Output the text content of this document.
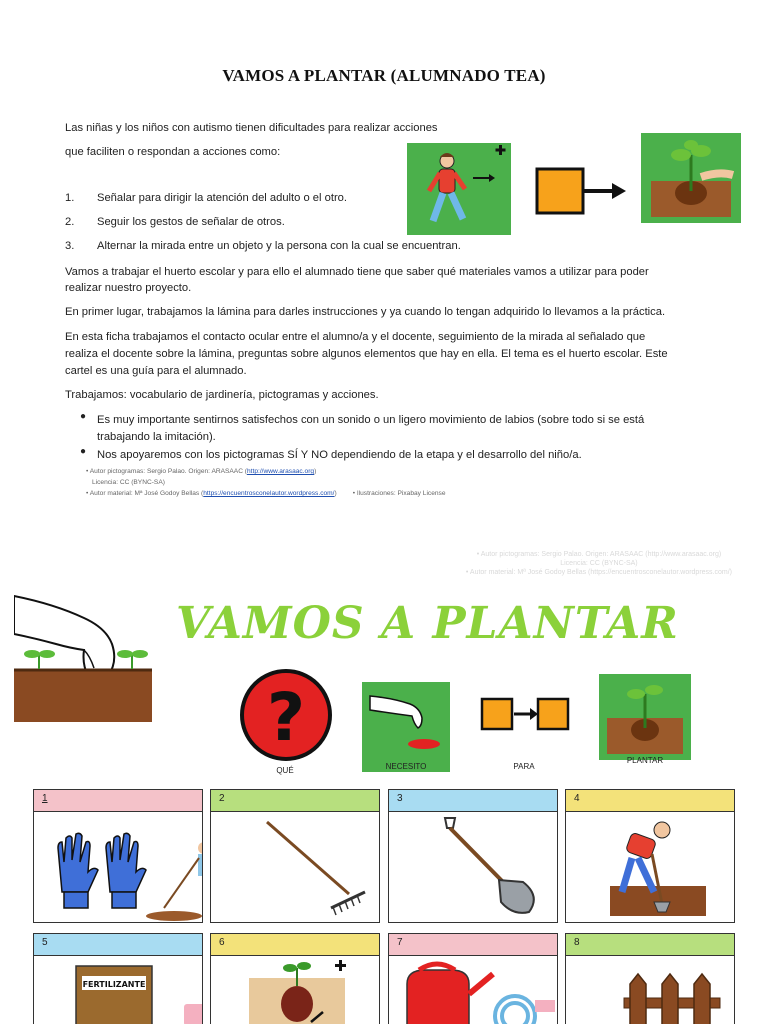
VAMOS A PLANTAR (ALUMNADO TEA)
Las niñas y los niños con autismo tienen dificultades para realizar acciones
que faciliten o respondan a acciones como:
1. Señalar para dirigir la atención del adulto o el otro.
2. Seguir los gestos de señalar de otros.
3. Alternar la mirada entre un objeto y la persona con la cual se encuentran.
Vamos a trabajar el huerto escolar y para ello el alumnado tiene que saber qué materiales vamos a utilizar para poder
realizar nuestro proyecto.
En primer lugar, trabajamos la lámina para darles instrucciones y ya cuando lo tengan adquirido lo llevamos a la práctica.
En esta ficha trabajamos el contacto ocular entre el alumno/a y el docente, seguimiento de la mirada al señalado que
realiza el docente sobre la lámina, preguntas sobre algunos elementos que hay en ella. El tema es el huerto escolar. Este
cartel es una guía para el alumnado.
Trabajamos: vocabulario de jardinería, pictogramas y acciones.
● Es muy importante sentirnos satisfechos con un sonido o un ligero movimiento de labios (sobre todo si se está
trabajando la imitación).
● Nos apoyaremos con los pictogramas SÍ Y NO dependiendo de la etapa y el desarrollo del niño/a.
• Autor pictogramas: Sergio Palao. Origen: ARASAAC (http://www.arasaac.org)
Licencia: CC (BYNC-SA)
• Autor material: Mª José Godoy Bellas (https://encuentrosconelautor.wordpress.com/) • Ilustraciones: Pixabay License
• Autor pictogramas: Sergio Palao. Origen: ARASAAC (http://www.arasaac.org)
Licencia: CC (BYNC-SA)
• Autor material: Mª José Godoy Bellas (https://encuentrosconelautor.wordpress.com/)
VAMOS A PLANTAR
?
QUÉ	NECESITO	PARA
PLANTAR
1	2	3	4
5
FERTILIZANTE
6	7	8
